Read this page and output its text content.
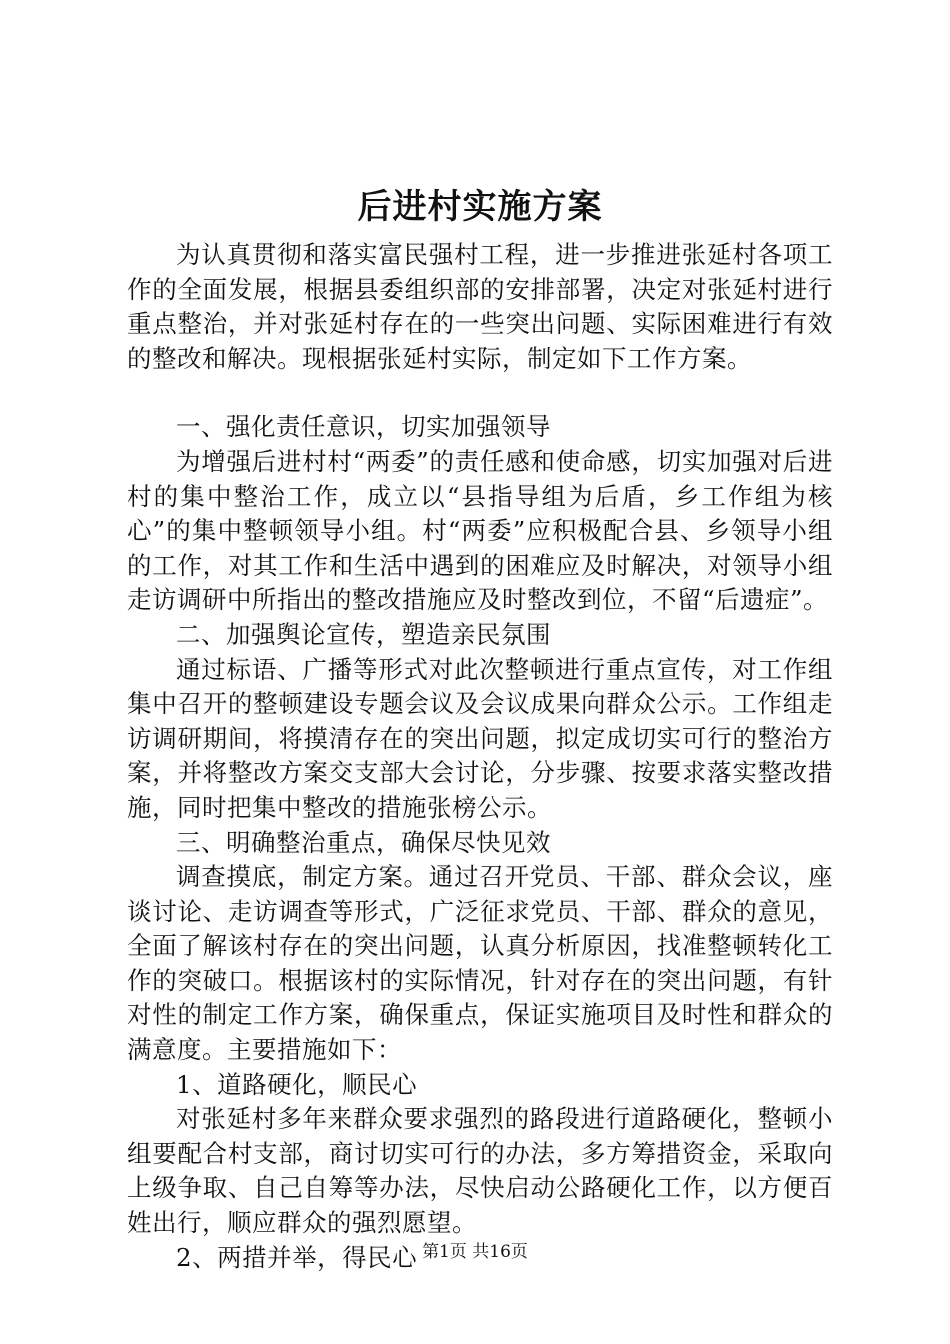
后进村实施方案

为认真贯彻和落实富民强村工程，进一步推进张延村各项工作的全面发展，根据县委组织部的安排部署，决定对张延村进行重点整治，并对张延村存在的一些突出问题、实际困难进行有效的整改和解决。现根据张延村实际，制定如下工作方案。

一、强化责任意识，切实加强领导

为增强后进村村“两委”的责任感和使命感，切实加强对后进村的集中整治工作，成立以“县指导组为后盾，乡工作组为核心”的集中整顿领导小组。村“两委”应积极配合县、乡领导小组的工作，对其工作和生活中遇到的困难应及时解决，对领导小组走访调研中所指出的整改措施应及时整改到位，不留“后遗症”。

二、加强舆论宣传，塑造亲民氛围

通过标语、广播等形式对此次整顿进行重点宣传，对工作组集中召开的整顿建设专题会议及会议成果向群众公示。工作组走访调研期间，将摸清存在的突出问题，拟定成切实可行的整治方案，并将整改方案交支部大会讨论，分步骤、按要求落实整改措施，同时把集中整改的措施张榜公示。

三、明确整治重点，确保尽快见效

调查摸底，制定方案。通过召开党员、干部、群众会议，座谈讨论、走访调查等形式，广泛征求党员、干部、群众的意见，全面了解该村存在的突出问题，认真分析原因，找准整顿转化工作的突破口。根据该村的实际情况，针对存在的突出问题，有针对性的制定工作方案，确保重点，保证实施项目及时性和群众的满意度。主要措施如下：

1、道路硬化，顺民心

对张延村多年来群众要求强烈的路段进行道路硬化，整顿小组要配合村支部，商讨切实可行的办法，多方筹措资金，采取向上级争取、自己自筹等办法，尽快启动公路硬化工作，以方便百姓出行，顺应群众的强烈愿望。

2、两措并举，得民心 第1页 共16页
